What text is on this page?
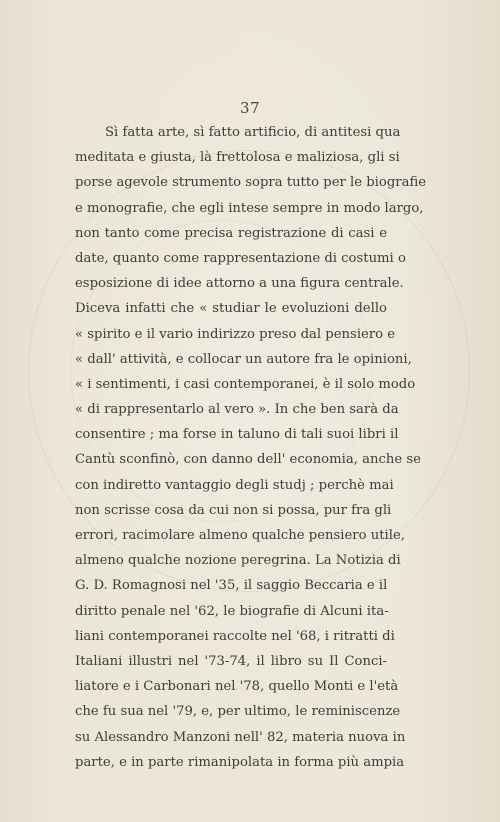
37
Sì fatta arte, sì fatto artificio, di antitesi qua
meditata e giusta, là frettolosa e maliziosa, gli si
porse agevole strumento sopra tutto per le biografie
e monografie, che egli intese sempre in modo largo,
non tanto come precisa registrazione di casi e
date, quanto come rappresentazione di costumi o
esposizione di idee attorno a una figura centrale.
Diceva infatti che « studiar le evoluzioni dello
« spirito e il vario indirizzo preso dal pensiero e
« dall' attività, e collocar un autore fra le opinioni,
« i sentimenti, i casi contemporanei, è il solo modo
« di rappresentarlo al vero ». In che ben sarà da
consentire ; ma forse in taluno di tali suoi libri il
Cantù sconfinò, con danno dell' economia, anche se
con indiretto vantaggio degli studj ; perchè mai
non scrisse cosa da cui non si possa, pur fra gli
errori, racimolare almeno qualche pensiero utile,
almeno qualche nozione peregrina. La Notizia di
G. D. Romagnosi nel '35, il saggio Beccaria e il
diritto penale nel '62, le biografie di Alcuni ita-
liani contemporanei raccolte nel '68, i ritratti di
Italiani illustri nel '73-74, il libro su Il Conci-
liatore e i Carbonari nel '78, quello Monti e l'età
che fu sua nel '79, e, per ultimo, le reminiscenze
su Alessandro Manzoni nell' 82, materia nuova in
parte, e in parte rimanipolata in forma più ampia
